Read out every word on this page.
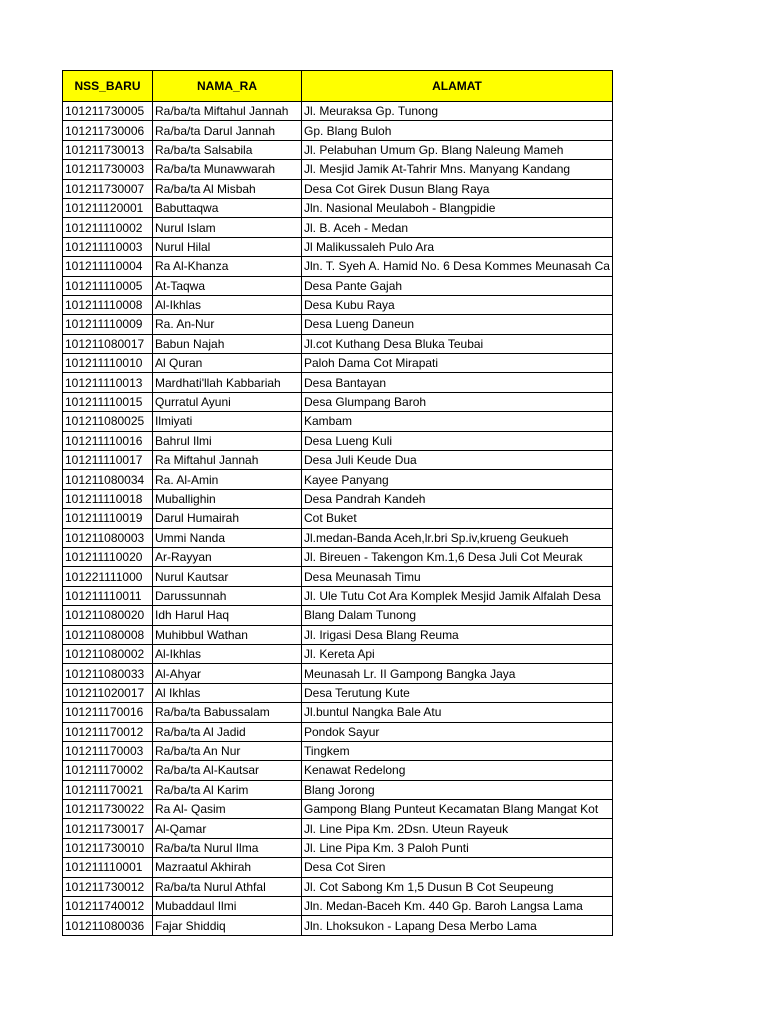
NSS_BARU	NAMA_RA	ALAMAT
101211730005	Ra/ba/ta Miftahul Jannah	Jl. Meuraksa Gp. Tunong
101211730006	Ra/ba/ta Darul Jannah	Gp. Blang Buloh
101211730013	Ra/ba/ta Salsabila	Jl. Pelabuhan Umum Gp. Blang Naleung Mameh
101211730003	Ra/ba/ta Munawwarah	Jl. Mesjid Jamik At-Tahrir Mns. Manyang Kandang
101211730007	Ra/ba/ta Al Misbah	Desa Cot Girek Dusun Blang Raya
101211120001	Babuttaqwa	Jln. Nasional Meulaboh - Blangpidie
101211110002	Nurul Islam	Jl. B. Aceh - Medan
101211110003	Nurul Hilal	Jl Malikussaleh Pulo Ara
101211110004	Ra Al-Khanza	Jln. T. Syeh A. Hamid No. 6 Desa Kommes Meunasah Ca
101211110005	At-Taqwa	Desa Pante Gajah
101211110008	Al-Ikhlas	Desa Kubu Raya
101211110009	Ra. An-Nur	Desa Lueng Daneun
101211080017	Babun Najah	Jl.cot Kuthang Desa Bluka Teubai
101211110010	Al Quran	Paloh Dama Cot Mirapati
101211110013	Mardhati'llah Kabbariah	Desa Bantayan
101211110015	Qurratul Ayuni	Desa Glumpang Baroh
101211080025	Ilmiyati	Kambam
101211110016	Bahrul Ilmi	Desa Lueng Kuli
101211110017	Ra Miftahul Jannah	Desa Juli Keude Dua
101211080034	Ra. Al-Amin	Kayee Panyang
101211110018	Muballighin	Desa Pandrah Kandeh
101211110019	Darul Humairah	Cot Buket
101211080003	Ummi Nanda	Jl.medan-Banda Aceh,lr.bri Sp.iv,krueng Geukueh
101211110020	Ar-Rayyan	Jl. Bireuen - Takengon Km.1,6 Desa Juli Cot Meurak
101221111000	Nurul Kautsar	Desa Meunasah Timu
101211110011	Darussunnah	Jl. Ule Tutu Cot Ara Komplek Mesjid Jamik Alfalah Desa
101211080020	Idh Harul Haq	Blang Dalam Tunong
101211080008	Muhibbul Wathan	Jl. Irigasi Desa Blang Reuma
101211080002	Al-Ikhlas	Jl. Kereta Api
101211080033	Al-Ahyar	Meunasah Lr. II Gampong Bangka Jaya
101211020017	Al Ikhlas	Desa Terutung Kute
101211170016	Ra/ba/ta Babussalam	Jl.buntul Nangka Bale Atu
101211170012	Ra/ba/ta Al Jadid	Pondok Sayur
101211170003	Ra/ba/ta An Nur	Tingkem
101211170002	Ra/ba/ta Al-Kautsar	Kenawat Redelong
101211170021	Ra/ba/ta Al Karim	Blang Jorong
101211730022	Ra Al- Qasim	Gampong Blang Punteut Kecamatan Blang Mangat Kot
101211730017	Al-Qamar	Jl. Line Pipa Km. 2Dsn. Uteun Rayeuk
101211730010	Ra/ba/ta Nurul Ilma	Jl. Line Pipa Km. 3 Paloh Punti
101211110001	Mazraatul Akhirah	Desa Cot Siren
101211730012	Ra/ba/ta Nurul Athfal	Jl. Cot Sabong Km 1,5 Dusun B Cot Seupeung
101211740012	Mubaddaul Ilmi	Jln. Medan-Baceh Km. 440 Gp. Baroh Langsa Lama
101211080036	Fajar Shiddiq	Jln. Lhoksukon - Lapang Desa Merbo Lama
